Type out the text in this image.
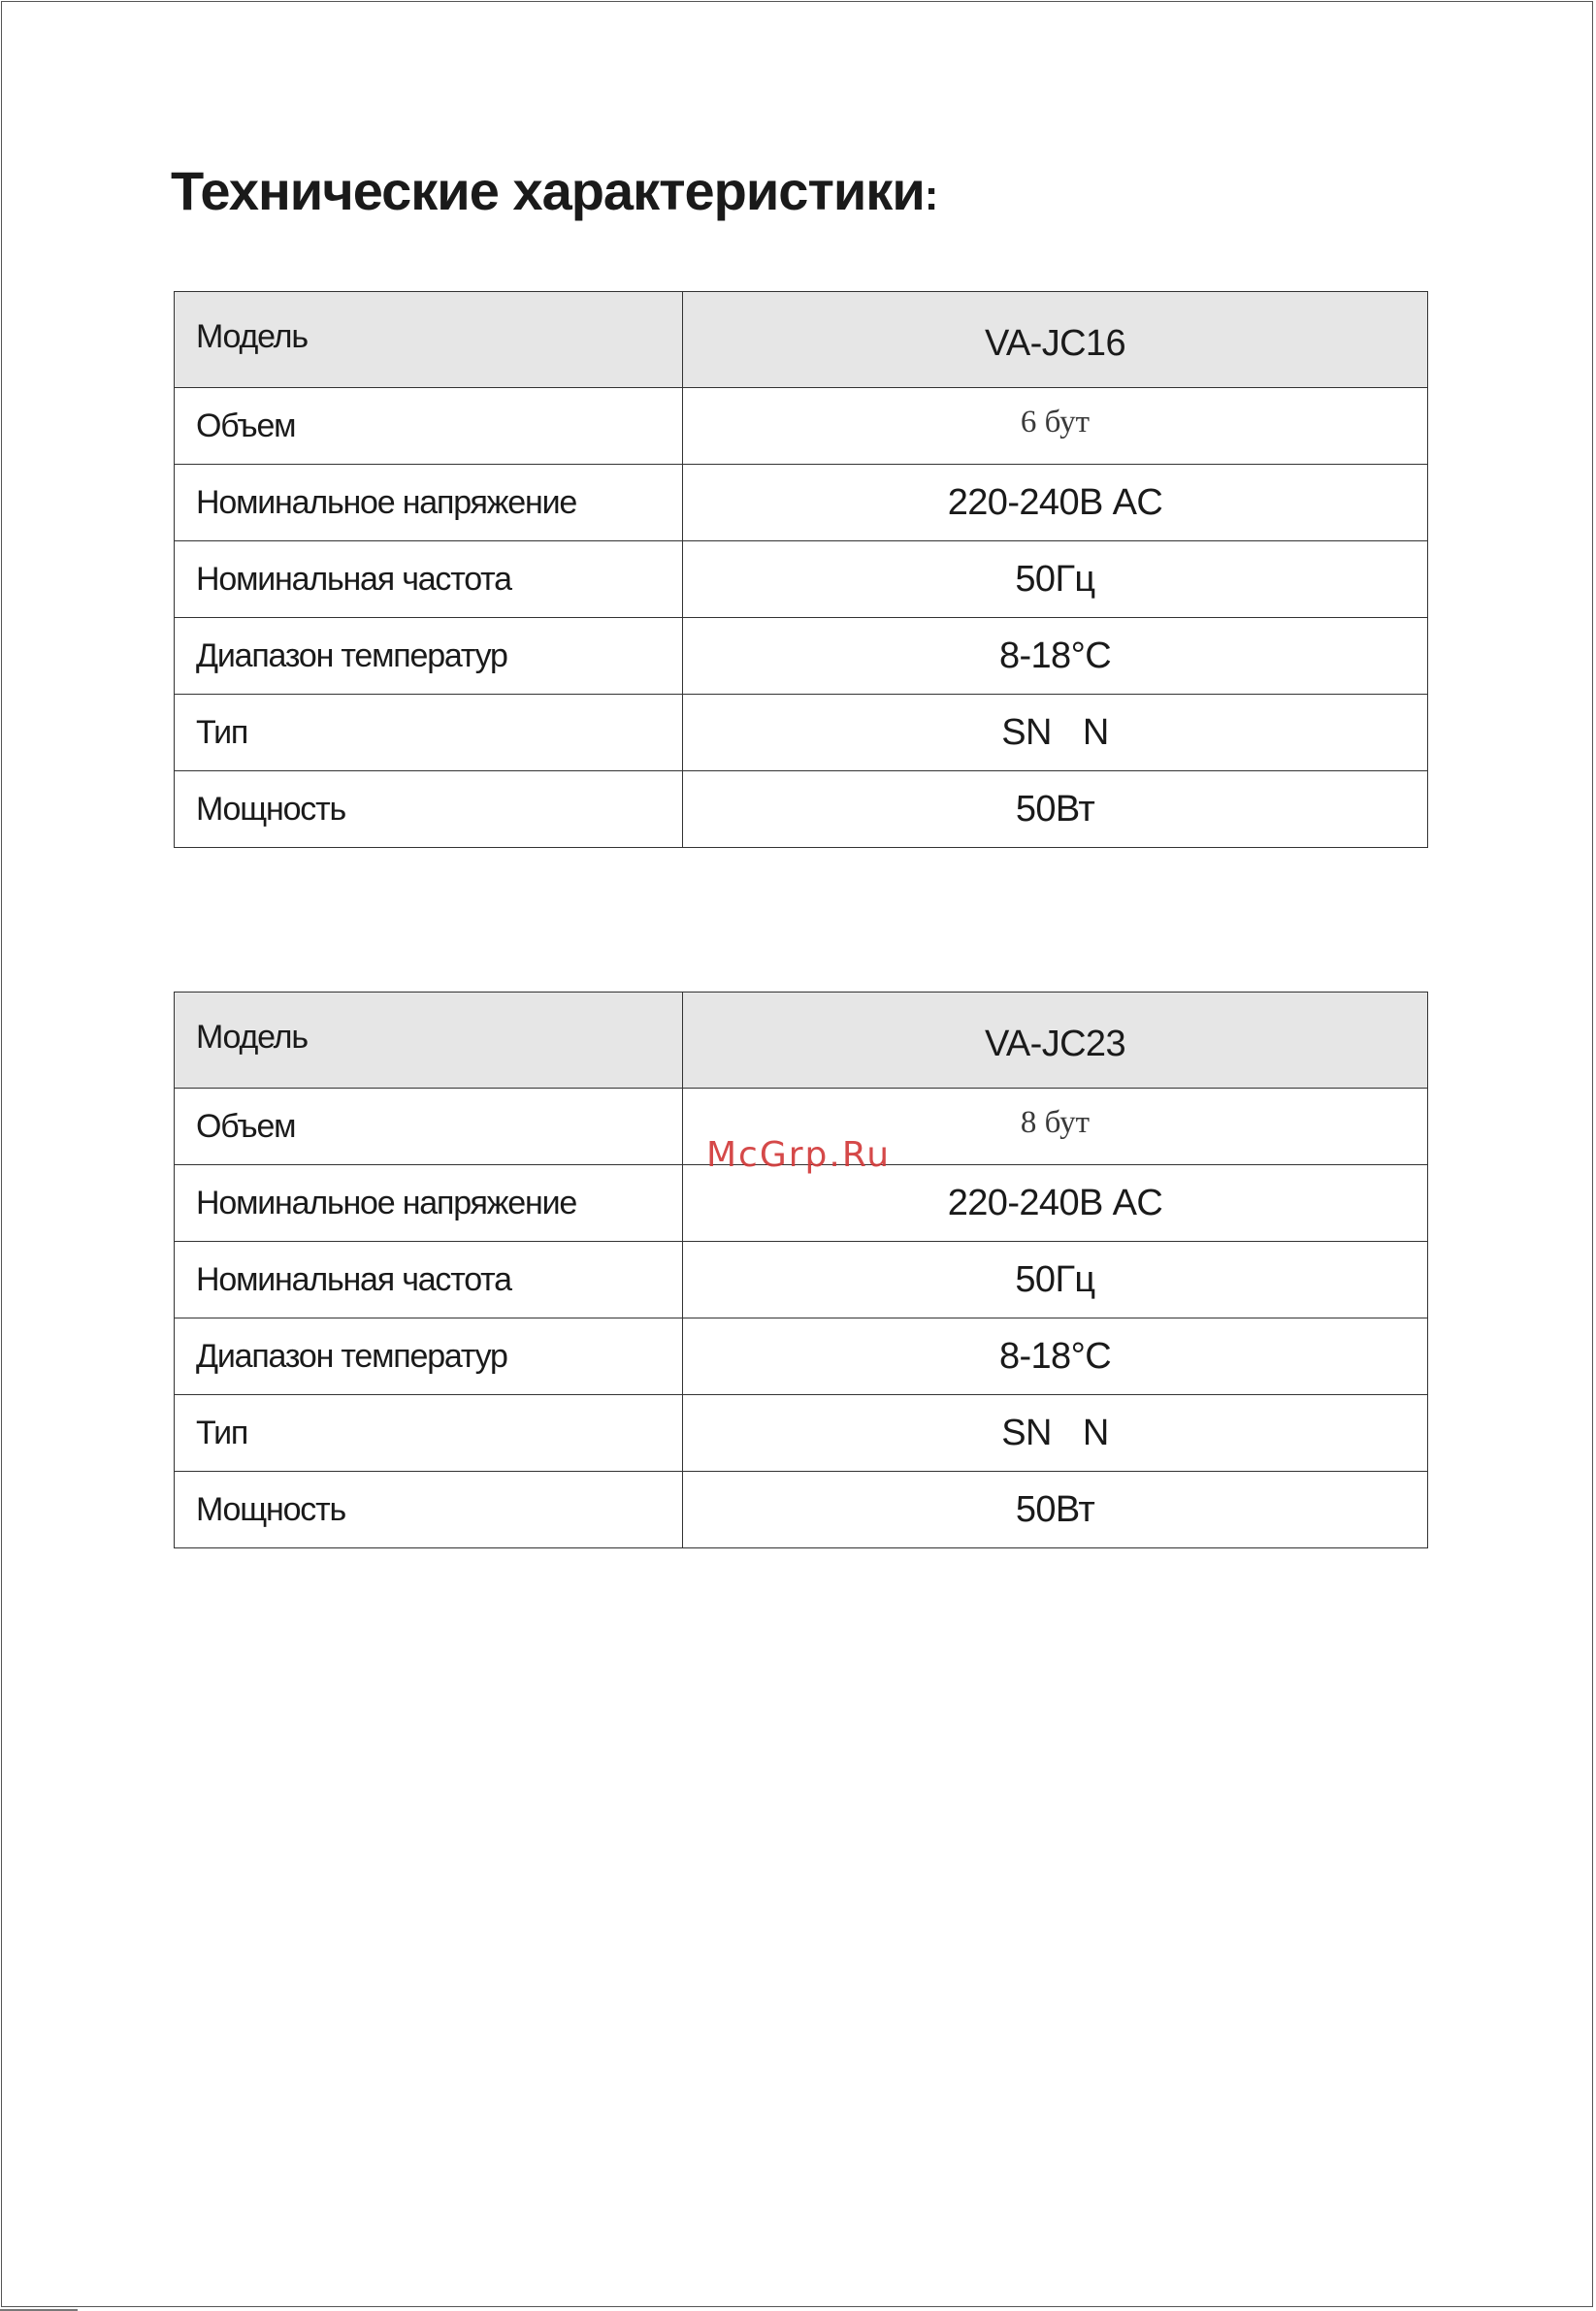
Технические характеристики:
Модель	VA-JC16
Объем	6 бут
Номинальное напряжение	220-240В AC
Номинальная частота	50Гц
Диапазон температур	8-18°C
Тип	SN N
Мощность	50Вт
Модель	VA-JC23
Объем	8 бут
Номинальное напряжение	220-240В AC
Номинальная частота	50Гц
Диапазон температур	8-18°C
Тип	SN N
Мощность	50Вт
McGrp.Ru
